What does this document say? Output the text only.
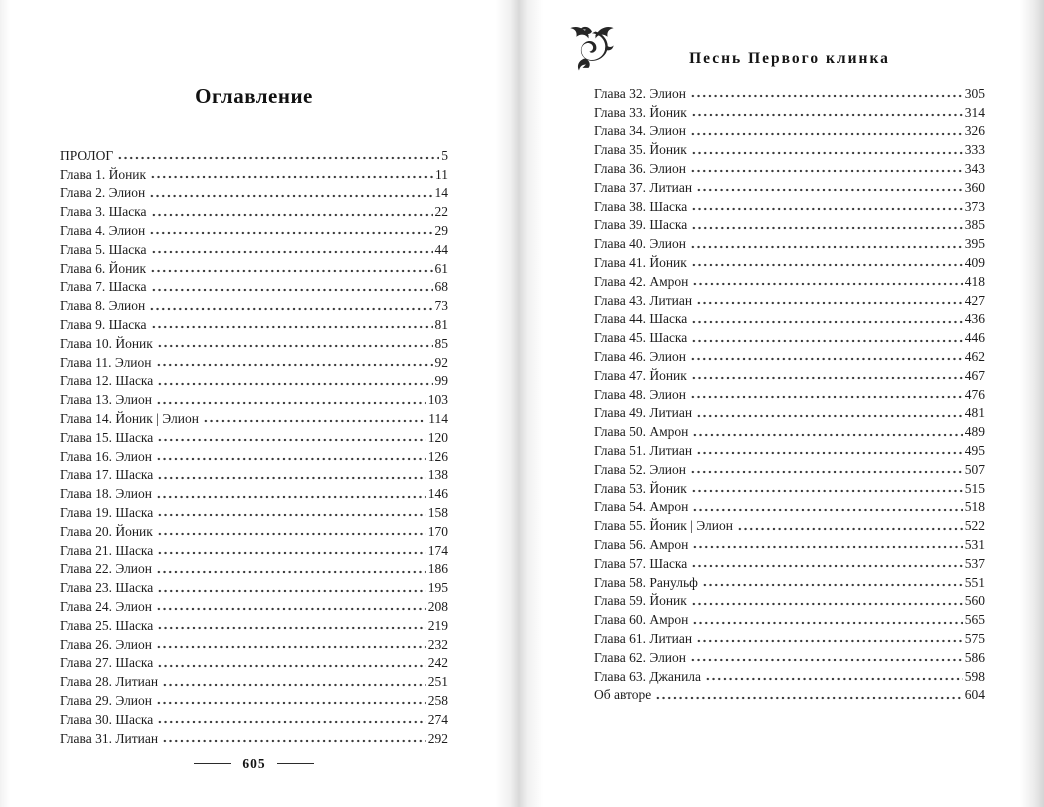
Оглавление
ПРОЛОГ	5
Глава 1. Йоник	11
Глава 2. Элион	14
Глава 3. Шаска	22
Глава 4. Элион	29
Глава 5. Шаска	44
Глава 6. Йоник	61
Глава 7. Шаска	68
Глава 8. Элион	73
Глава 9. Шаска	81
Глава 10. Йоник	85
Глава 11. Элион	92
Глава 12. Шаска	99
Глава 13. Элион	103
Глава 14. Йоник | Элион	114
Глава 15. Шаска	120
Глава 16. Элион	126
Глава 17. Шаска	138
Глава 18. Элион	146
Глава 19. Шаска	158
Глава 20. Йоник	170
Глава 21. Шаска	174
Глава 22. Элион	186
Глава 23. Шаска	195
Глава 24. Элион	208
Глава 25. Шаска	219
Глава 26. Элион	232
Глава 27. Шаска	242
Глава 28. Литиан	251
Глава 29. Элион	258
Глава 30. Шаска	274
Глава 31. Литиан	292
605
Песнь Первого клинка
Глава 32. Элион	305
Глава 33. Йоник	314
Глава 34. Элион	326
Глава 35. Йоник	333
Глава 36. Элион	343
Глава 37. Литиан	360
Глава 38. Шаска	373
Глава 39. Шаска	385
Глава 40. Элион	395
Глава 41. Йоник	409
Глава 42. Амрон	418
Глава 43. Литиан	427
Глава 44. Шаска	436
Глава 45. Шаска	446
Глава 46. Элион	462
Глава 47. Йоник	467
Глава 48. Элион	476
Глава 49. Литиан	481
Глава 50. Амрон	489
Глава 51. Литиан	495
Глава 52. Элион	507
Глава 53. Йоник	515
Глава 54. Амрон	518
Глава 55. Йоник | Элион	522
Глава 56. Амрон	531
Глава 57. Шаска	537
Глава 58. Ранульф	551
Глава 59. Йоник	560
Глава 60. Амрон	565
Глава 61. Литиан	575
Глава 62. Элион	586
Глава 63. Джанила	598
Об авторе	604
